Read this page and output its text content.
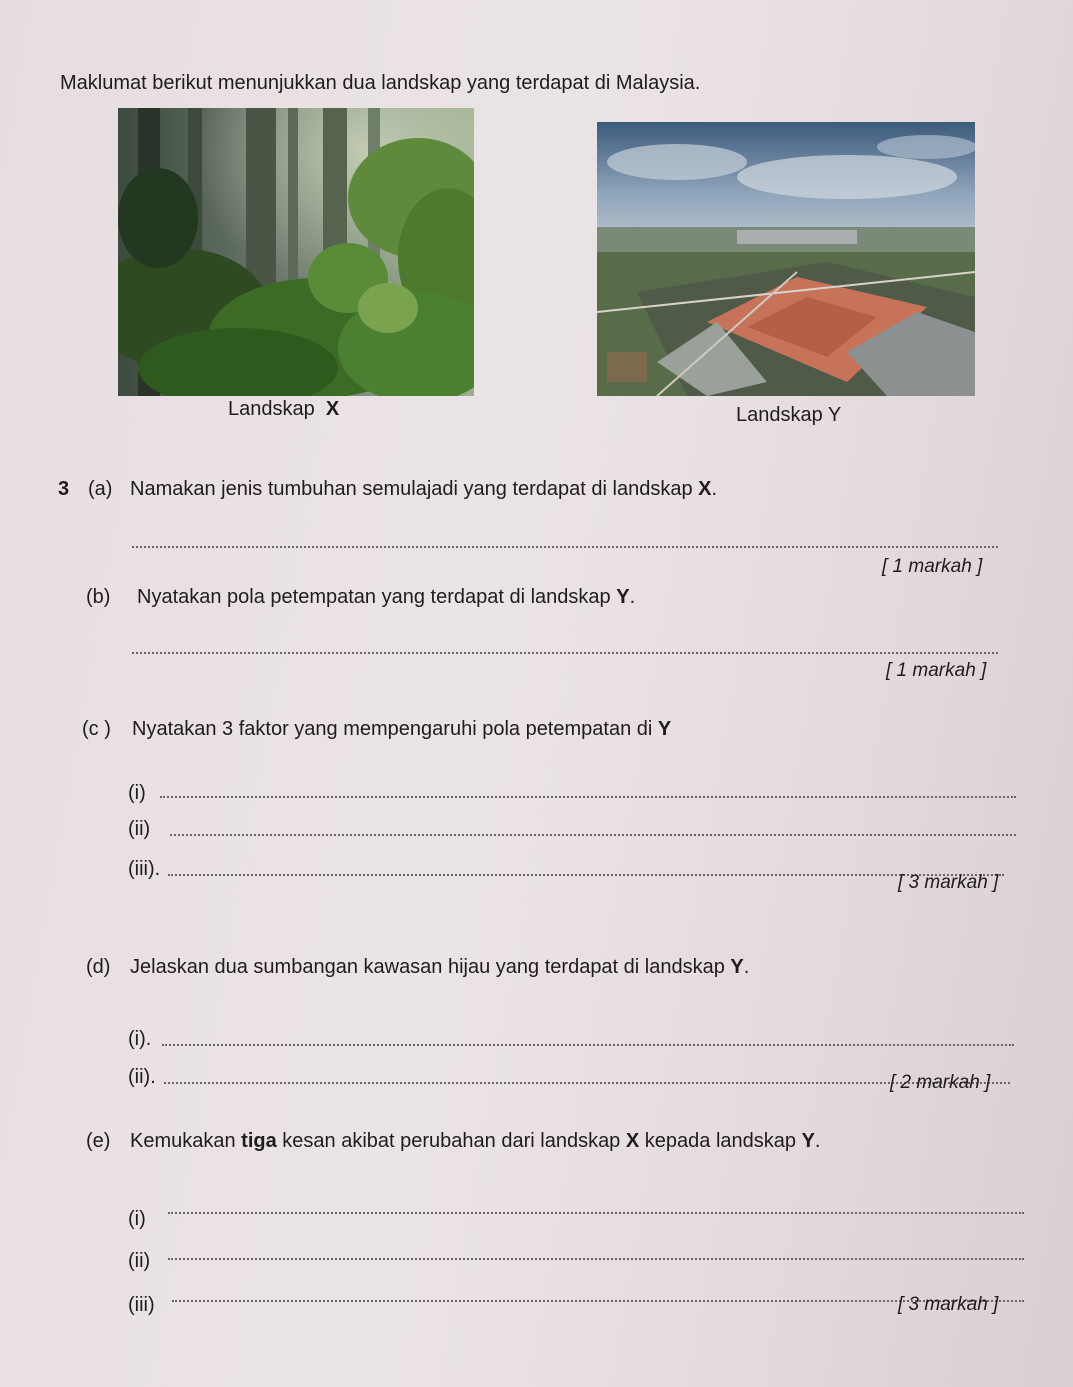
Maklumat berikut menunjukkan dua landskap yang terdapat di Malaysia.
Landskap X	Landskap Y
3 (a) Namakan jenis tumbuhan semulajadi yang terdapat di landskap X.
[ 1 markah ]
(b) Nyatakan pola petempatan yang terdapat di landskap Y.
[ 1 markah ]
(c ) Nyatakan 3 faktor yang mempengaruhi pola petempatan di Y
(i)
(ii)
(iii).
[ 3 markah ]
(d) Jelaskan dua sumbangan kawasan hijau yang terdapat di landskap Y.
(i).
(ii).	[ 2 markah ]
(e) Kemukakan tiga kesan akibat perubahan dari landskap X kepada landskap Y.
(i)
(ii)
(iii)	[ 3 markah ]
